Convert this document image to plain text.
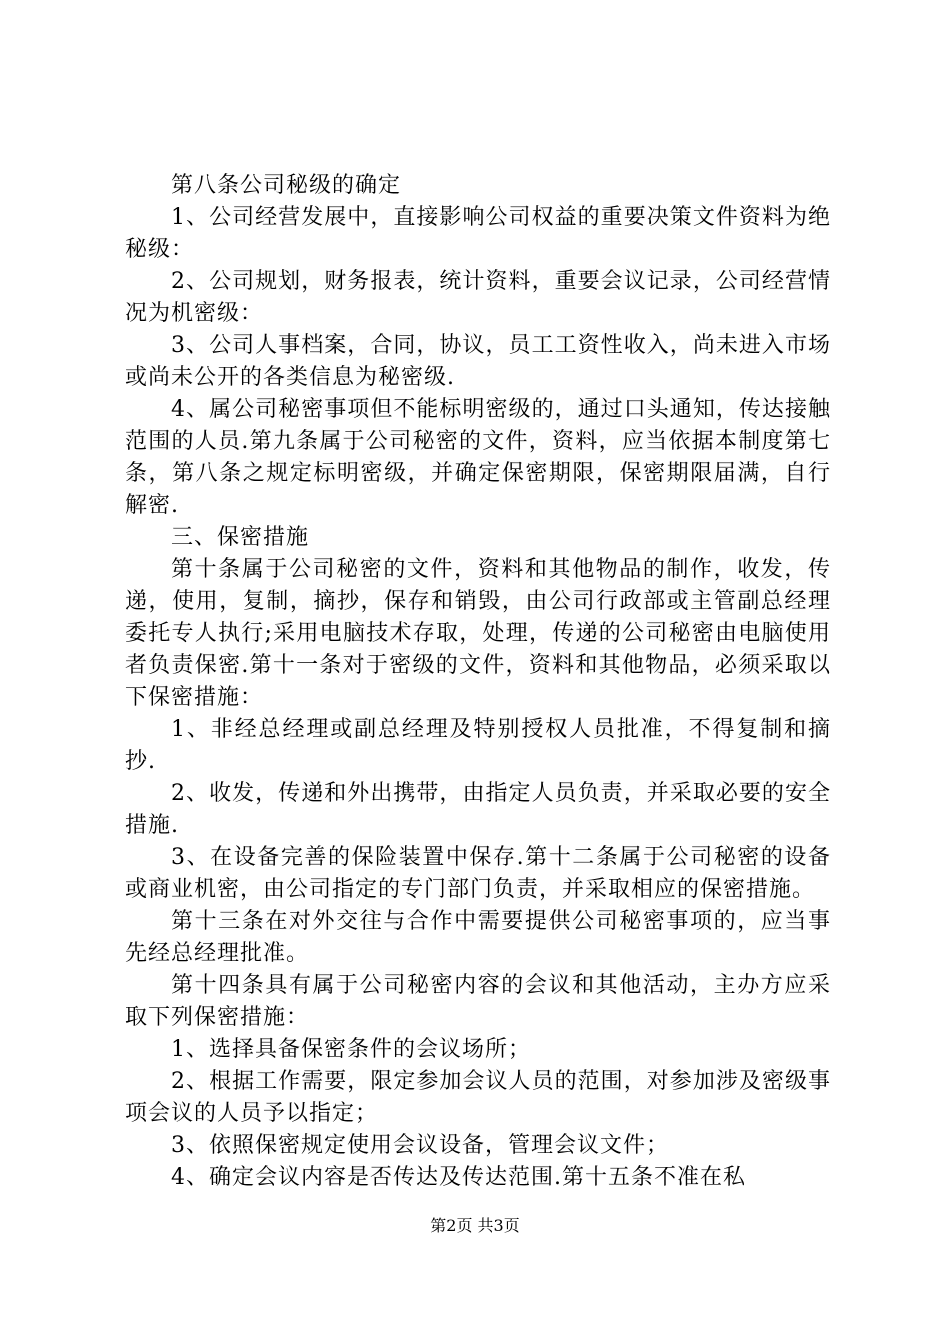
第八条公司秘级的确定

1、公司经营发展中，直接影响公司权益的重要决策文件资料为绝秘级：

2、公司规划，财务报表，统计资料，重要会议记录，公司经营情况为机密级：

3、公司人事档案，合同，协议，员工工资性收入，尚未进入市场或尚未公开的各类信息为秘密级.

4、属公司秘密事项但不能标明密级的，通过口头通知，传达接触范围的人员.第九条属于公司秘密的文件，资料，应当依据本制度第七条，第八条之规定标明密级，并确定保密期限，保密期限届满，自行解密.

三、保密措施

第十条属于公司秘密的文件，资料和其他物品的制作，收发，传递，使用，复制，摘抄，保存和销毁，由公司行政部或主管副总经理委托专人执行;采用电脑技术存取，处理，传递的公司秘密由电脑使用者负责保密.第十一条对于密级的文件，资料和其他物品，必须采取以下保密措施：

1、非经总经理或副总经理及特别授权人员批准，不得复制和摘抄.

2、收发，传递和外出携带，由指定人员负责，并采取必要的安全措施.

3、在设备完善的保险装置中保存.第十二条属于公司秘密的设备或商业机密，由公司指定的专门部门负责，并采取相应的保密措施。

第十三条在对外交往与合作中需要提供公司秘密事项的，应当事先经总经理批准。

第十四条具有属于公司秘密内容的会议和其他活动，主办方应采取下列保密措施：

1、选择具备保密条件的会议场所；

2、根据工作需要，限定参加会议人员的范围，对参加涉及密级事项会议的人员予以指定；

3、依照保密规定使用会议设备，管理会议文件；

4、确定会议内容是否传达及传达范围.第十五条不准在私

第2页 共3页
